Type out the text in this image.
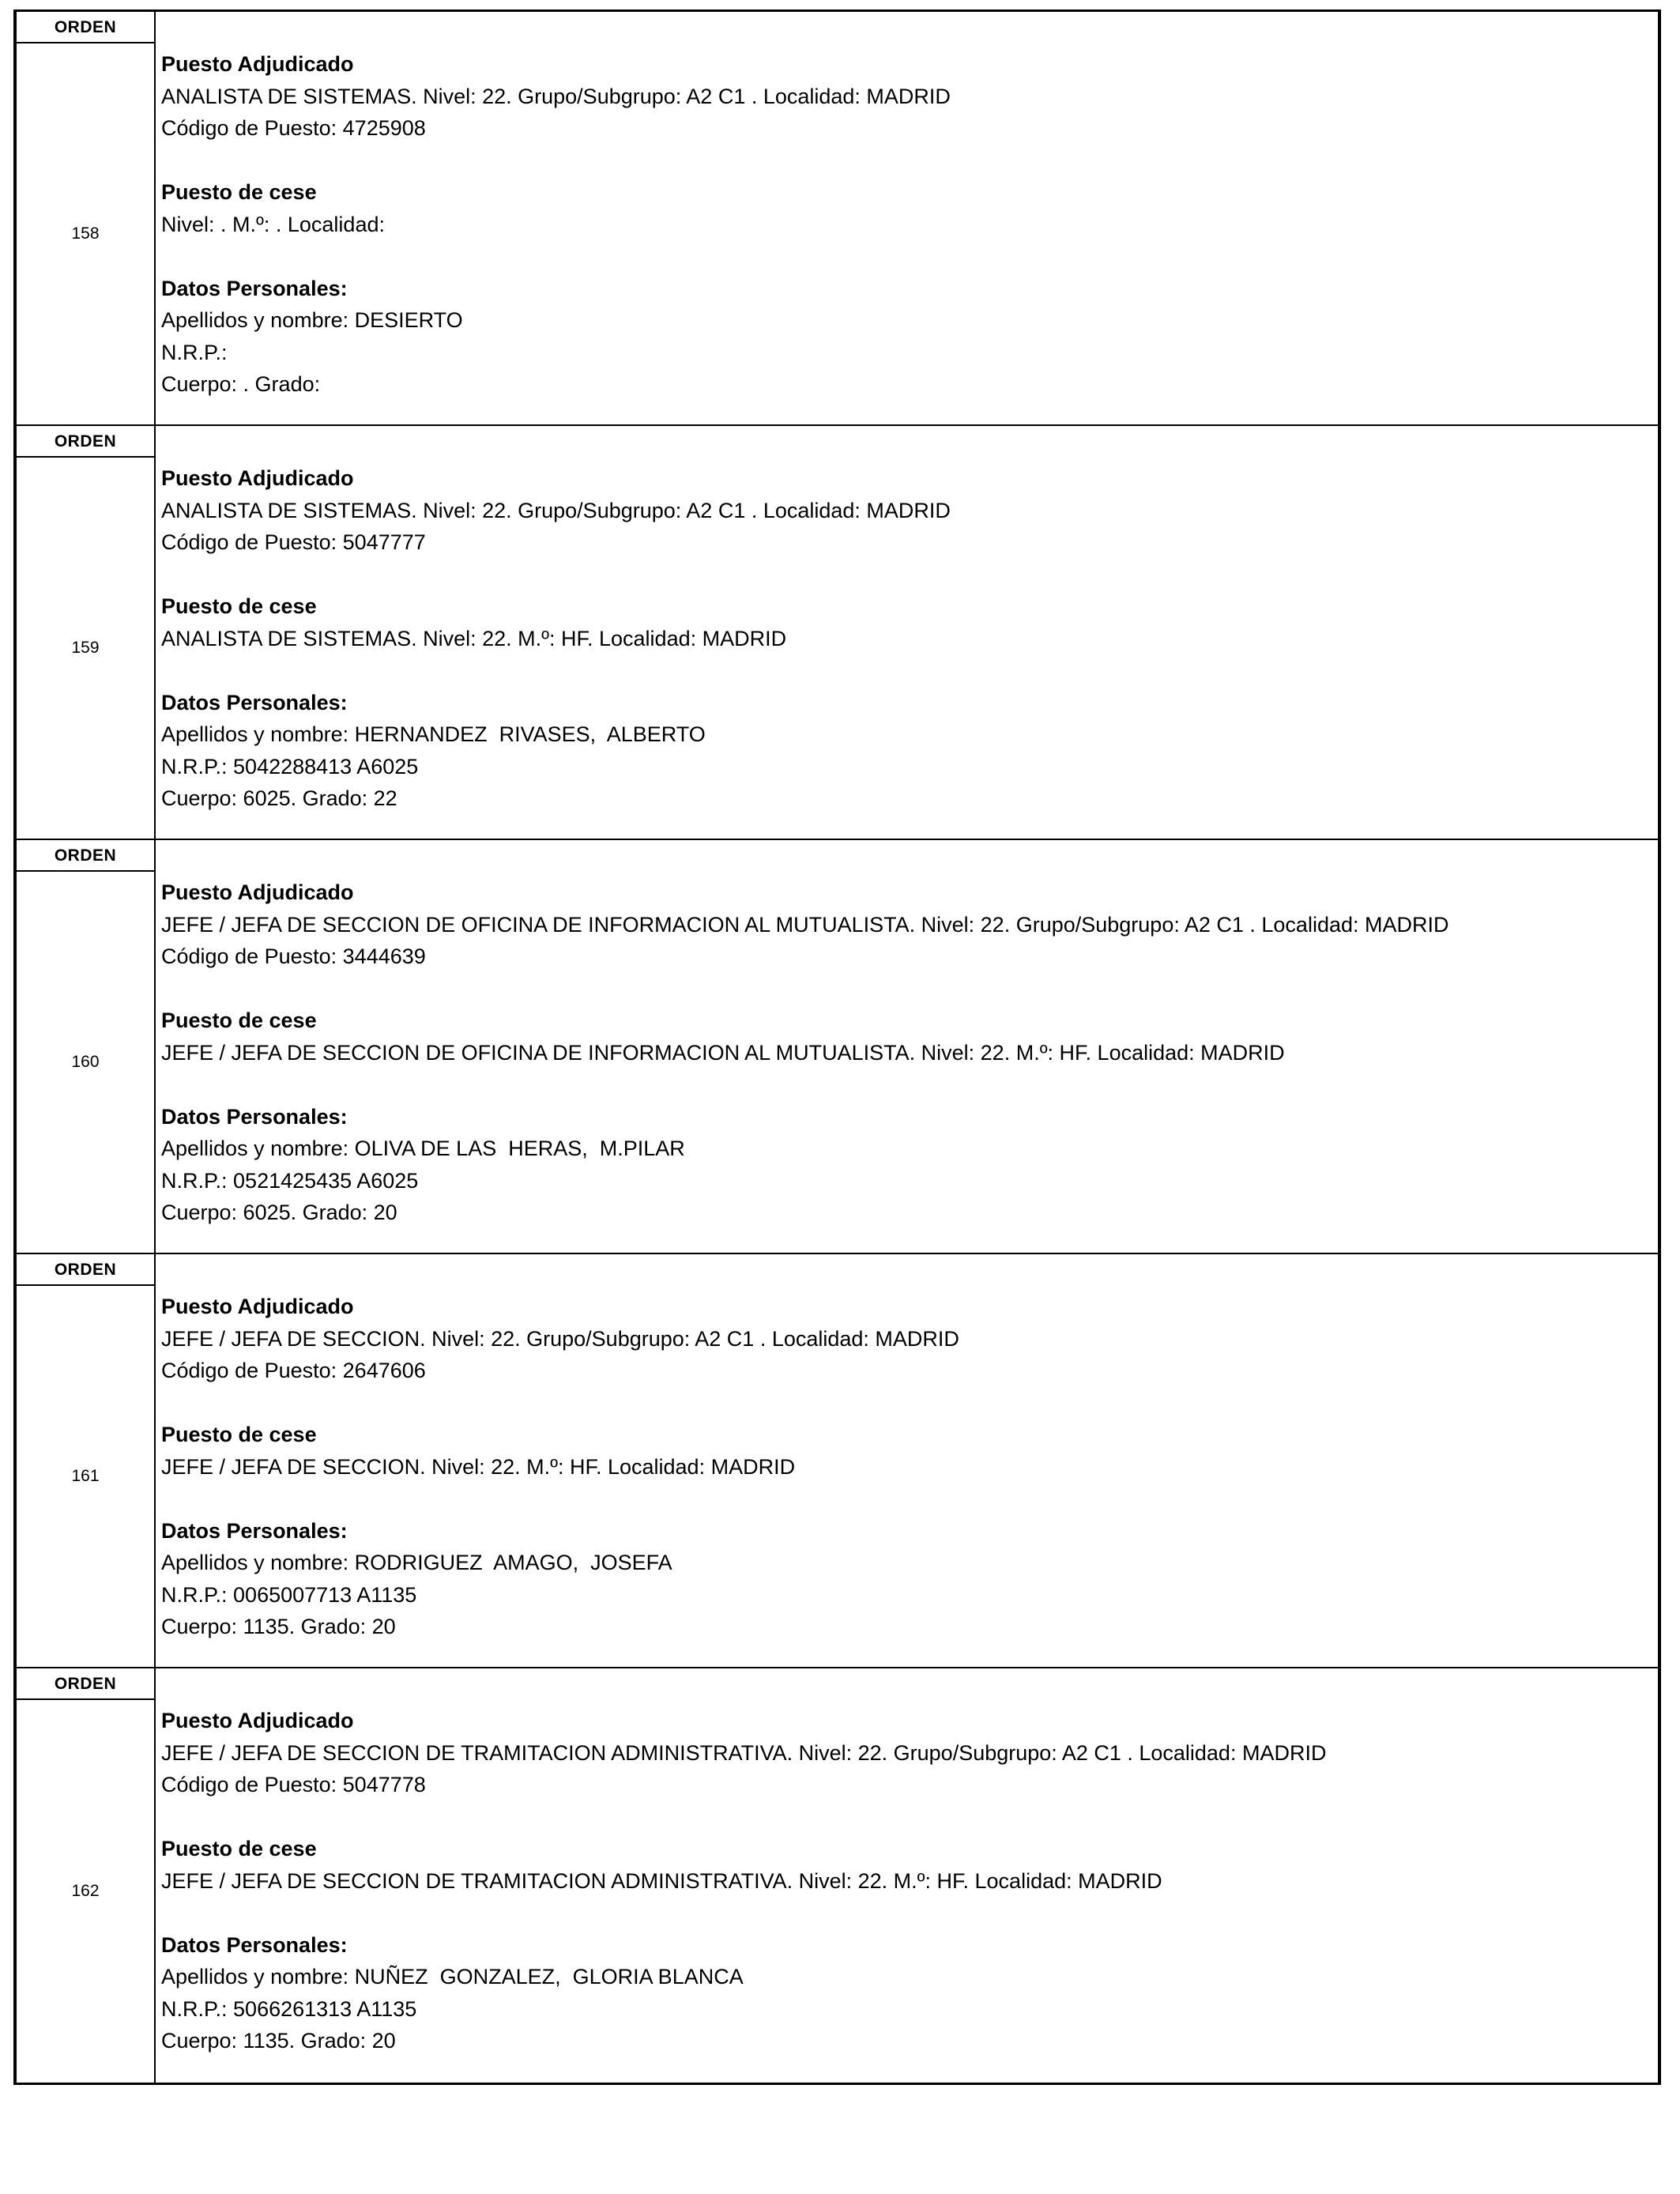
ORDEN
158
Puesto Adjudicado
ANALISTA DE SISTEMAS. Nivel: 22. Grupo/Subgrupo: A2 C1 . Localidad: MADRID
Código de Puesto: 4725908
Puesto de cese
Nivel: . M.º: . Localidad:
Datos Personales:
Apellidos y nombre: DESIERTO
N.R.P.:
Cuerpo: . Grado:
ORDEN
159
Puesto Adjudicado
ANALISTA DE SISTEMAS. Nivel: 22. Grupo/Subgrupo: A2 C1 . Localidad: MADRID
Código de Puesto: 5047777
Puesto de cese
ANALISTA DE SISTEMAS. Nivel: 22. M.º: HF. Localidad: MADRID
Datos Personales:
Apellidos y nombre: HERNANDEZ  RIVASES,  ALBERTO
N.R.P.: 5042288413 A6025
Cuerpo: 6025. Grado: 22
ORDEN
160
Puesto Adjudicado
JEFE / JEFA DE SECCION DE OFICINA DE INFORMACION AL MUTUALISTA. Nivel: 22. Grupo/Subgrupo: A2 C1 . Localidad: MADRID
Código de Puesto: 3444639
Puesto de cese
JEFE / JEFA DE SECCION DE OFICINA DE INFORMACION AL MUTUALISTA. Nivel: 22. M.º: HF. Localidad: MADRID
Datos Personales:
Apellidos y nombre: OLIVA DE LAS  HERAS,  M.PILAR
N.R.P.: 0521425435 A6025
Cuerpo: 6025. Grado: 20
ORDEN
161
Puesto Adjudicado
JEFE / JEFA DE SECCION. Nivel: 22. Grupo/Subgrupo: A2 C1 . Localidad: MADRID
Código de Puesto: 2647606
Puesto de cese
JEFE / JEFA DE SECCION. Nivel: 22. M.º: HF. Localidad: MADRID
Datos Personales:
Apellidos y nombre: RODRIGUEZ  AMAGO,  JOSEFA
N.R.P.: 0065007713 A1135
Cuerpo: 1135. Grado: 20
ORDEN
162
Puesto Adjudicado
JEFE / JEFA DE SECCION DE TRAMITACION ADMINISTRATIVA. Nivel: 22. Grupo/Subgrupo: A2 C1 . Localidad: MADRID
Código de Puesto: 5047778
Puesto de cese
JEFE / JEFA DE SECCION DE TRAMITACION ADMINISTRATIVA. Nivel: 22. M.º: HF. Localidad: MADRID
Datos Personales:
Apellidos y nombre: NUÑEZ  GONZALEZ,  GLORIA BLANCA
N.R.P.: 5066261313 A1135
Cuerpo: 1135. Grado: 20
